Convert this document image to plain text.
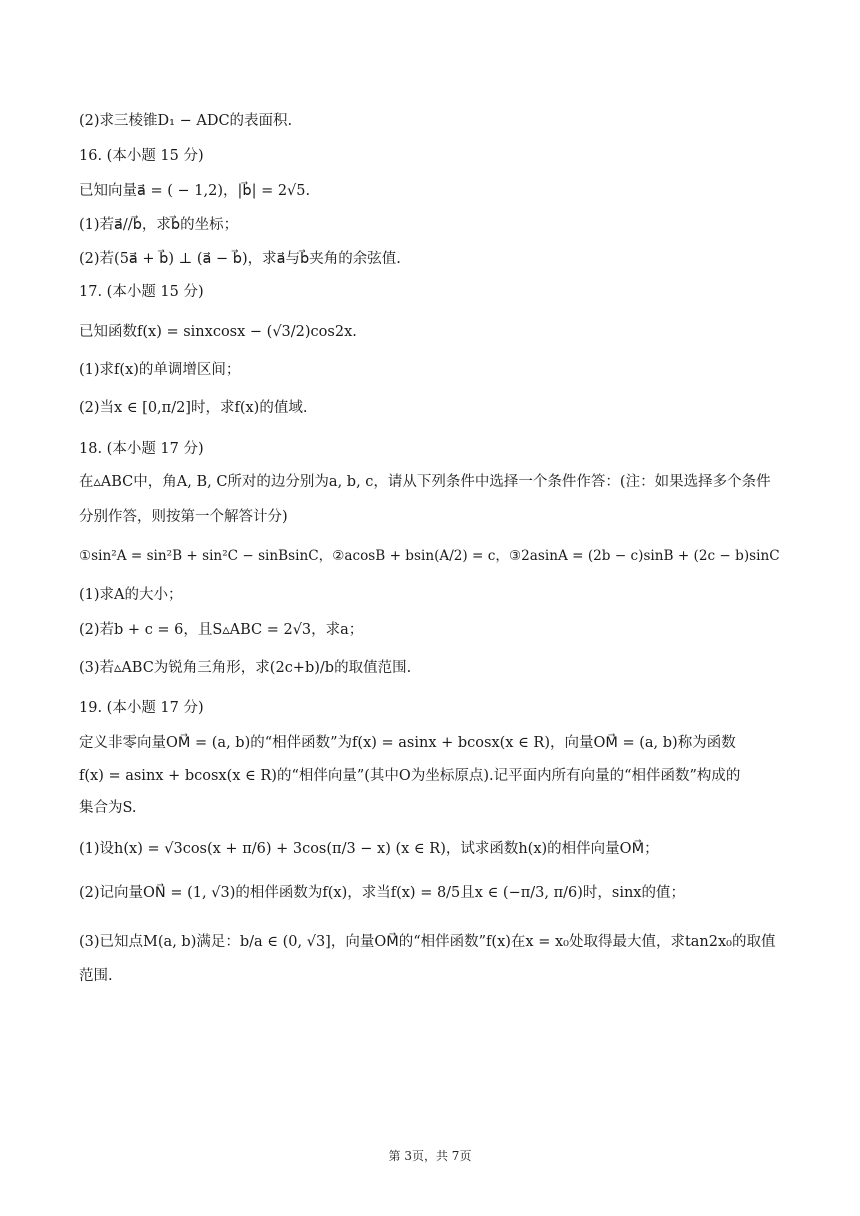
(2)求三棱锥D₁ − ADC的表面积.
16. (本小题 15 分)
已知向量a⃗ = ( − 1,2)，|b⃗| = 2√5.
(1)若a⃗//b⃗，求b⃗的坐标；
(2)若(5a⃗ + b⃗) ⊥ (a⃗ − b⃗)，求a⃗与b⃗夹角的余弦值.
17. (本小题 15 分)
已知函数f(x) = sinxcosx − (√3/2)cos2x.
(1)求f(x)的单调增区间；
(2)当x ∈ [0,π/2]时，求f(x)的值域.
18. (本小题 17 分)
在▵ABC中，角A, B, C所对的边分别为a, b, c，请从下列条件中选择一个条件作答：(注：如果选择多个条件
分别作答，则按第一个解答计分)
①sin²A = sin²B + sin²C − sinBsinC，②acosB + bsin(A/2) = c，③2asinA = (2b − c)sinB + (2c − b)sinC
(1)求A的大小；
(2)若b + c = 6，且S▵ABC = 2√3，求a；
(3)若▵ABC为锐角三角形，求(2c+b)/b的取值范围.
19. (本小题 17 分)
定义非零向量OM⃗ = (a, b)的“相伴函数”为f(x) = asinx + bcosx(x ∈ R)，向量OM⃗ = (a, b)称为函数
f(x) = asinx + bcosx(x ∈ R)的“相伴向量”(其中O为坐标原点).记平面内所有向量的“相伴函数”构成的
集合为S.
(1)设h(x) = √3cos(x + π/6) + 3cos(π/3 − x) (x ∈ R)，试求函数h(x)的相伴向量OM⃗；
(2)记向量ON⃗ = (1, √3)的相伴函数为f(x)，求当f(x) = 8/5且x ∈ (−π/3, π/6)时，sinx的值；
(3)已知点M(a, b)满足：b/a ∈ (0, √3]，向量OM⃗的“相伴函数”f(x)在x = x₀处取得最大值，求tan2x₀的取值
范围.
第 3页，共 7页
